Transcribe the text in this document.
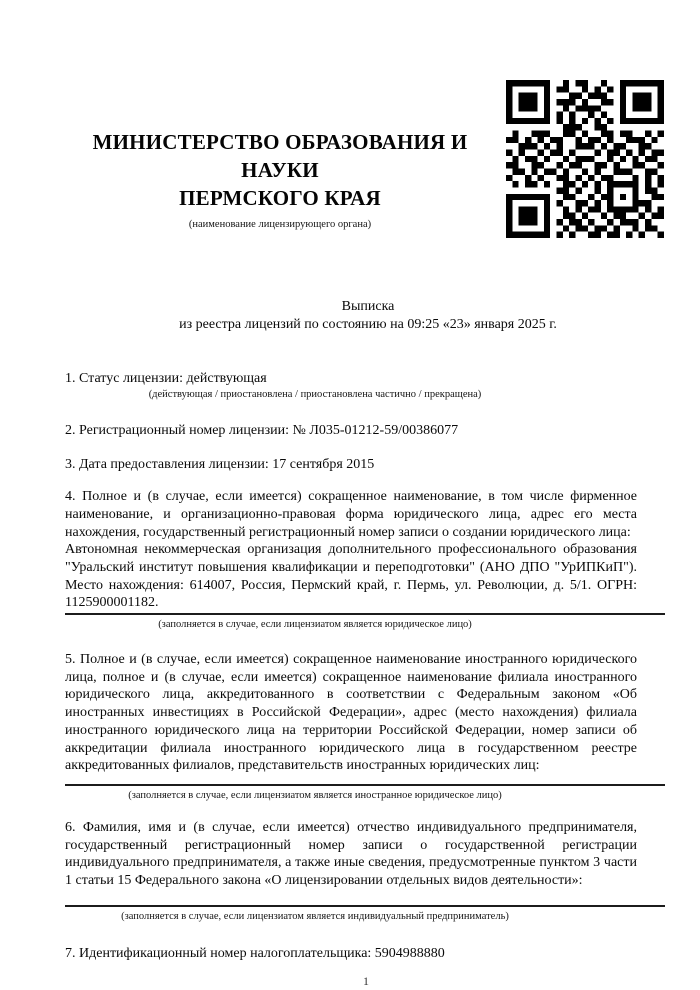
МИНИСТЕРСТВО ОБРАЗОВАНИЯ И НАУКИ
ПЕРМСКОГО КРАЯ
(наименование лицензирующего органа)
Выписка
из реестра лицензий по состоянию на 09:25 «23» января 2025 г.

1. Статус лицензии: действующая

(действующая / приостановлена / приостановлена частично / прекращена)

2. Регистрационный номер лицензии: № Л035-01212-59/00386077

3. Дата предоставления лицензии: 17 сентября 2015

4. Полное и (в случае, если имеется) сокращенное наименование, в том числе фирменное наименование, и организационно-правовая форма юридического лица, адрес его места нахождения, государственный регистрационный номер записи о создании юридического лица:

Автономная некоммерческая организация дополнительного профессионального образования "Уральский институт повышения квалификации и переподготовки" (АНО ДПО "УрИПКиП"). Место нахождения: 614007, Россия, Пермский край, г. Пермь, ул. Революции, д. 5/1. ОГРН: 1125900001182.

(заполняется в случае, если лицензиатом является юридическое лицо)

5. Полное и (в случае, если имеется) сокращенное наименование иностранного юридического лица, полное и (в случае, если имеется) сокращенное наименование филиала иностранного юридического лица, аккредитованного в соответствии с Федеральным законом «Об иностранных инвестициях в Российской Федерации», адрес (место нахождения) филиала иностранного юридического лица на территории Российской Федерации, номер записи об аккредитации филиала иностранного юридического лица в государственном реестре аккредитованных филиалов, представительств иностранных юридических лиц:

(заполняется в случае, если лицензиатом является иностранное юридическое лицо)

6. Фамилия, имя и (в случае, если имеется) отчество индивидуального предпринимателя, государственный регистрационный номер записи о государственной регистрации индивидуального предпринимателя, а также иные сведения, предусмотренные пунктом 3 части 1 статьи 15 Федерального закона «О лицензировании отдельных видов деятельности»:

(заполняется в случае, если лицензиатом является индивидуальный предприниматель)

7. Идентификационный номер налогоплательщика: 5904988880

1
